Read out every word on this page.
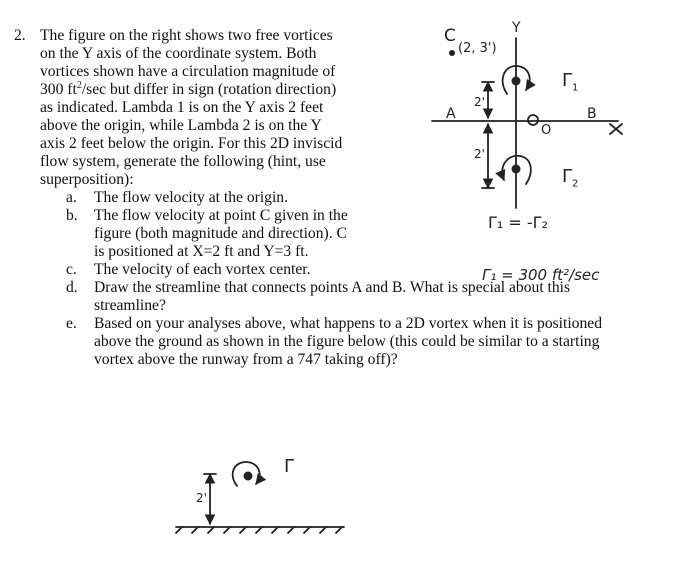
2. The figure on the right shows two free vortices
on the Y axis of the coordinate system. Both
vortices shown have a circulation magnitude of
300 $ft^2/\sec$ but differ in sign (rotation direction)
as indicated. Lambda 1 is on the Y axis 2 feet
above the origin, while Lambda 2 is on the Y
axis 2 feet below the origin. For this 2D inviscid
flow system, generate the following (hint, use
superposition):
a. The flow velocity at the origin.
b. The flow velocity at point C given in the
figure (both magnitude and direction). C
is positioned at X=2 ft and Y=3 ft.
c. The velocity of each vortex center.
d. Draw the streamline that connects points A and B. What is special about this
streamline?
e. Based on your analyses above, what happens to a 2D vortex when it is positioned
above the ground as shown in the figure below (this could be similar to a starting
vortex above the runway from a 747 taking off)?
C
(2, 3')
Y
A	B
O
2'
2'
$\Gamma_1$
$\Gamma_2$
Γ₁ = -Γ₂
Γ₁ = 300 ft²/sec
2'
Γ
